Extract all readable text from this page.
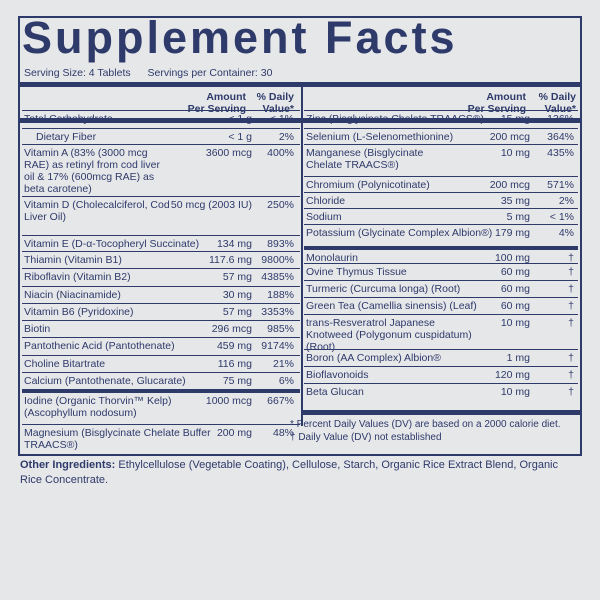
Supplement Facts
Serving Size: 4 Tablets Servings per Container: 30
Amount
Per Serving
% Daily
Value*
Amount
Per Serving
% Daily
Value*
Total Carbohydrate	< 1 g < 1%
Dietary Fiber	< 1 g	2%
Vitamin A (83% (3000 mcg RAE) as retinyl from cod liver oil & 17% (600mcg RAE) as beta carotene)
3600 mcg 400%
Vitamin D (Cholecalciferol, Cod Liver Oil)
50 mcg (2003 IU) 250%
Vitamin E (D-α-Tocopheryl Succinate)	134 mg 893%
Thiamin (Vitamin B1)	117.6 mg 9800%
Riboflavin (Vitamin B2)	57 mg 4385%
Niacin (Niacinamide)	30 mg 188%
Vitamin B6 (Pyridoxine)	57 mg 3353%
Biotin	296 mcg 985%
Pantothenic Acid (Pantothenate)	459 mg 9174%
Choline Bitartrate	116 mg 21%
Calcium (Pantothenate, Glucarate)	75 mg	6%
Iodine (Organic Thorvin™ Kelp) (Ascophyllum nodosum)
1000 mcg 667%
Magnesium (Bisglycinate Chelate Buffer TRAACS®)
200 mg 48%
Zinc (Bisglycinate Chelate TRAACS®) 15 mg 136%
Selenium (L-Selenomethionine)	200 mcg 364%
Manganese (Bisglycinate Chelate TRAACS®)
10 mg 435%
Chromium (Polynicotinate)	200 mcg 571%
Chloride	35 mg	2%
Sodium	5 mg < 1%
Potassium (Glycinate Complex Albion®) 179 mg	4%
Monolaurin	100 mg	†
Ovine Thymus Tissue	60 mg	†
Turmeric (Curcuma longa) (Root)	60 mg	†
Green Tea (Camellia sinensis) (Leaf)	60 mg	†
trans-Resveratrol Japanese Knotweed (Polygonum cuspidatum) (Root)
10 mg	†
Boron (AA Complex) Albion®	1 mg	†
Bioflavonoids	120 mg	†
Beta Glucan	10 mg	†
* Percent Daily Values (DV) are based on a 2000 calorie diet.
† Daily Value (DV) not established
Other Ingredients: Ethylcellulose (Vegetable Coating), Cellulose, Starch, Organic Rice Extract Blend, Organic Rice Concentrate.
